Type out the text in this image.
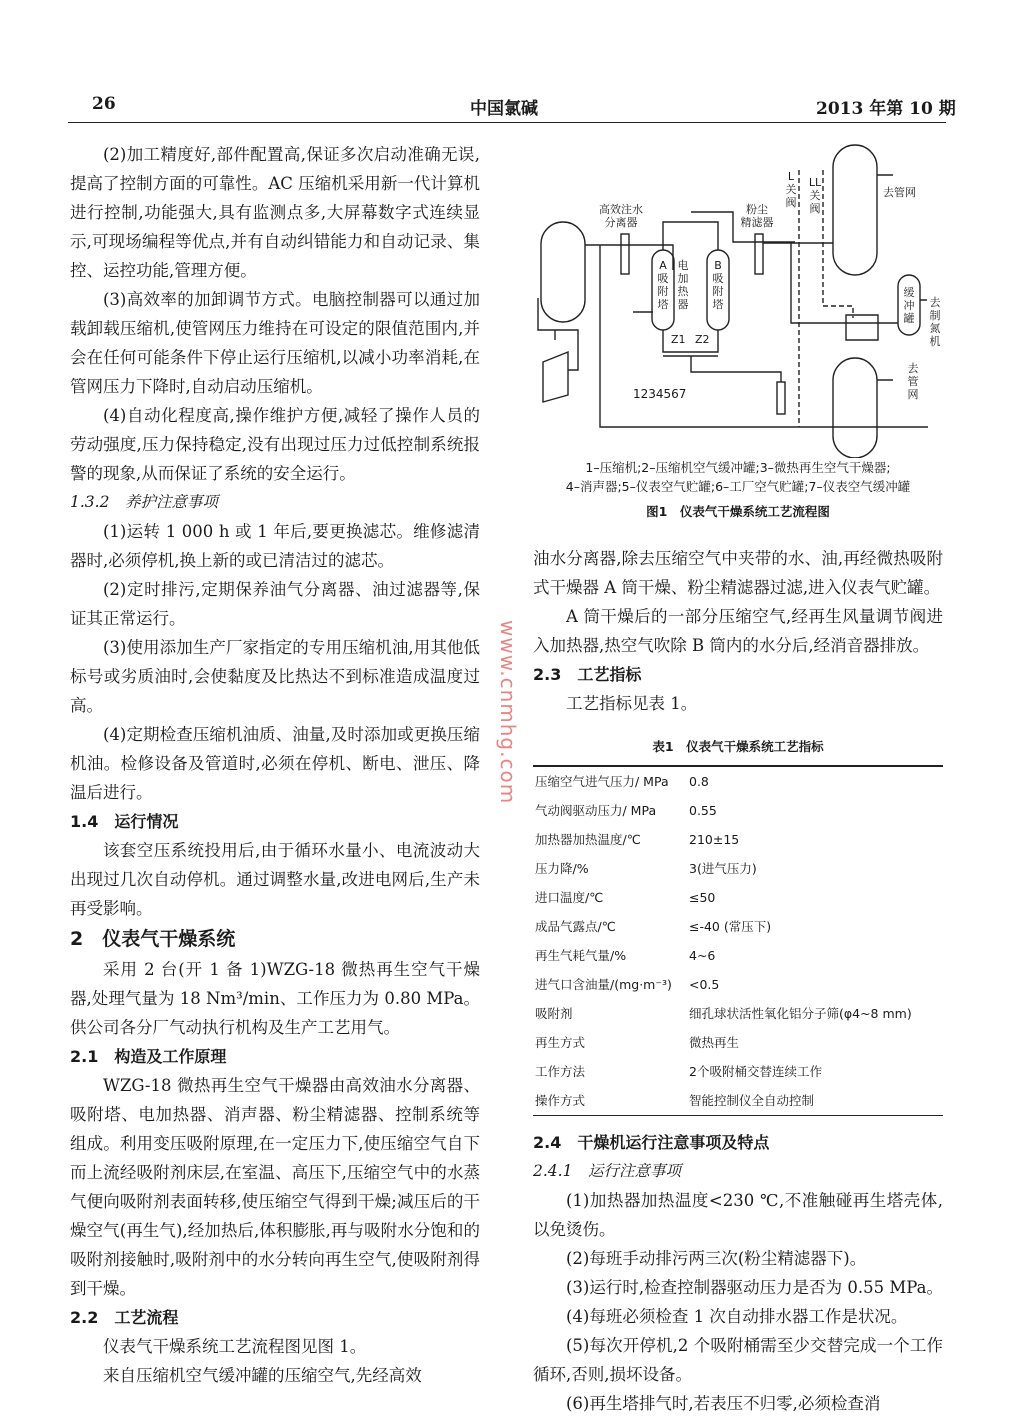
26	中国氯碱	2013 年第 10 期

(2)加工精度好,部件配置高,保证多次启动准确无误,提高了控制方面的可靠性。AC 压缩机采用新一代计算机进行控制,功能强大,具有监测点多,大屏幕数字式连续显示,可现场编程等优点,并有自动纠错能力和自动记录、集控、运控功能,管理方便。

(3)高效率的加卸调节方式。电脑控制器可以通过加载卸载压缩机,使管网压力维持在可设定的限值范围内,并会在任何可能条件下停止运行压缩机,以减小功率消耗,在管网压力下降时,自动启动压缩机。

(4)自动化程度高,操作维护方便,减轻了操作人员的劳动强度,压力保持稳定,没有出现过压力过低控制系统报警的现象,从而保证了系统的安全运行。

1.3.2　养护注意事项

(1)运转 1 000 h 或 1 年后,要更换滤芯。维修滤清器时,必须停机,换上新的或已清洁过的滤芯。

(2)定时排污,定期保养油气分离器、油过滤器等,保证其正常运行。

(3)使用添加生产厂家指定的专用压缩机油,用其他低标号或劣质油时,会使黏度及比热达不到标准造成温度过高。

(4)定期检查压缩机油质、油量,及时添加或更换压缩机油。检修设备及管道时,必须在停机、断电、泄压、降温后进行。

1.4　运行情况

该套空压系统投用后,由于循环水量小、电流波动大出现过几次自动停机。通过调整水量,改进电网后,生产未再受影响。

2　仪表气干燥系统

采用 2 台(开 1 备 1)WZG-18 微热再生空气干燥器,处理气量为 18 Nm³/min、工作压力为 0.80 MPa。供公司各分厂气动执行机构及生产工艺用气。

2.1　构造及工作原理

WZG-18 微热再生空气干燥器由高效油水分离器、吸附塔、电加热器、消声器、粉尘精滤器、控制系统等组成。利用变压吸附原理,在一定压力下,使压缩空气自下而上流经吸附剂床层,在室温、高压下,压缩空气中的水蒸气便向吸附剂表面转移,使压缩空气得到干燥;减压后的干燥空气(再生气),经加热后,体积膨胀,再与吸附水分饱和的吸附剂接触时,吸附剂中的水分转向再生空气,使吸附剂得到干燥。

2.2　工艺流程

仪表气干燥系统工艺流程图见图 1。

来自压缩机空气缓冲罐的压缩空气,先经高效

高效注水
分离器
粉尘
精滤器
A
吸
附
塔
电
加
热
器
B
吸
附
塔
Z1 Z2
1234567
L
关
阀
LL
关
阀
去管网
缓
冲
罐
去
制
氮
机
去
管
网
1–压缩机;2–压缩机空气缓冲罐;3–微热再生空气干燥器;
4–消声器;5–仪表空气贮罐;6–工厂空气贮罐;7–仪表空气缓冲罐
图1　仪表气干燥系统工艺流程图

油水分离器,除去压缩空气中夹带的水、油,再经微热吸附式干燥器 A 筒干燥、粉尘精滤器过滤,进入仪表气贮罐。

A 筒干燥后的一部分压缩空气,经再生风量调节阀进入加热器,热空气吹除 B 筒内的水分后,经消音器排放。

2.3　工艺指标

工艺指标见表 1。

表1　仪表气干燥系统工艺指标
压缩空气进气压力/ MPa	0.8
气动阀驱动压力/ MPa	0.55
加热器加热温度/℃	210±15
压力降/%	3(进气压力)
进口温度/℃	≤50
成品气露点/℃	≤-40 (常压下)
再生气耗气量/%	4~6
进气口含油量/(mg·m⁻³)	<0.5
吸附剂	细孔球状活性氧化铝分子筛(φ4~8 mm)
再生方式	微热再生
工作方法	2个吸附桶交替连续工作
操作方式	智能控制仪全自动控制

2.4　干燥机运行注意事项及特点

2.4.1　运行注意事项

(1)加热器加热温度<230 ℃,不准触碰再生塔壳体,以免烫伤。

(2)每班手动排污两三次(粉尘精滤器下)。

(3)运行时,检查控制器驱动压力是否为 0.55 MPa。

(4)每班必须检查 1 次自动排水器工作是状况。

(5)每次开停机,2 个吸附桶需至少交替完成一个工作循环,否则,损坏设备。

(6)再生塔排气时,若表压不归零,必须检查消

www.cnmhg.com
